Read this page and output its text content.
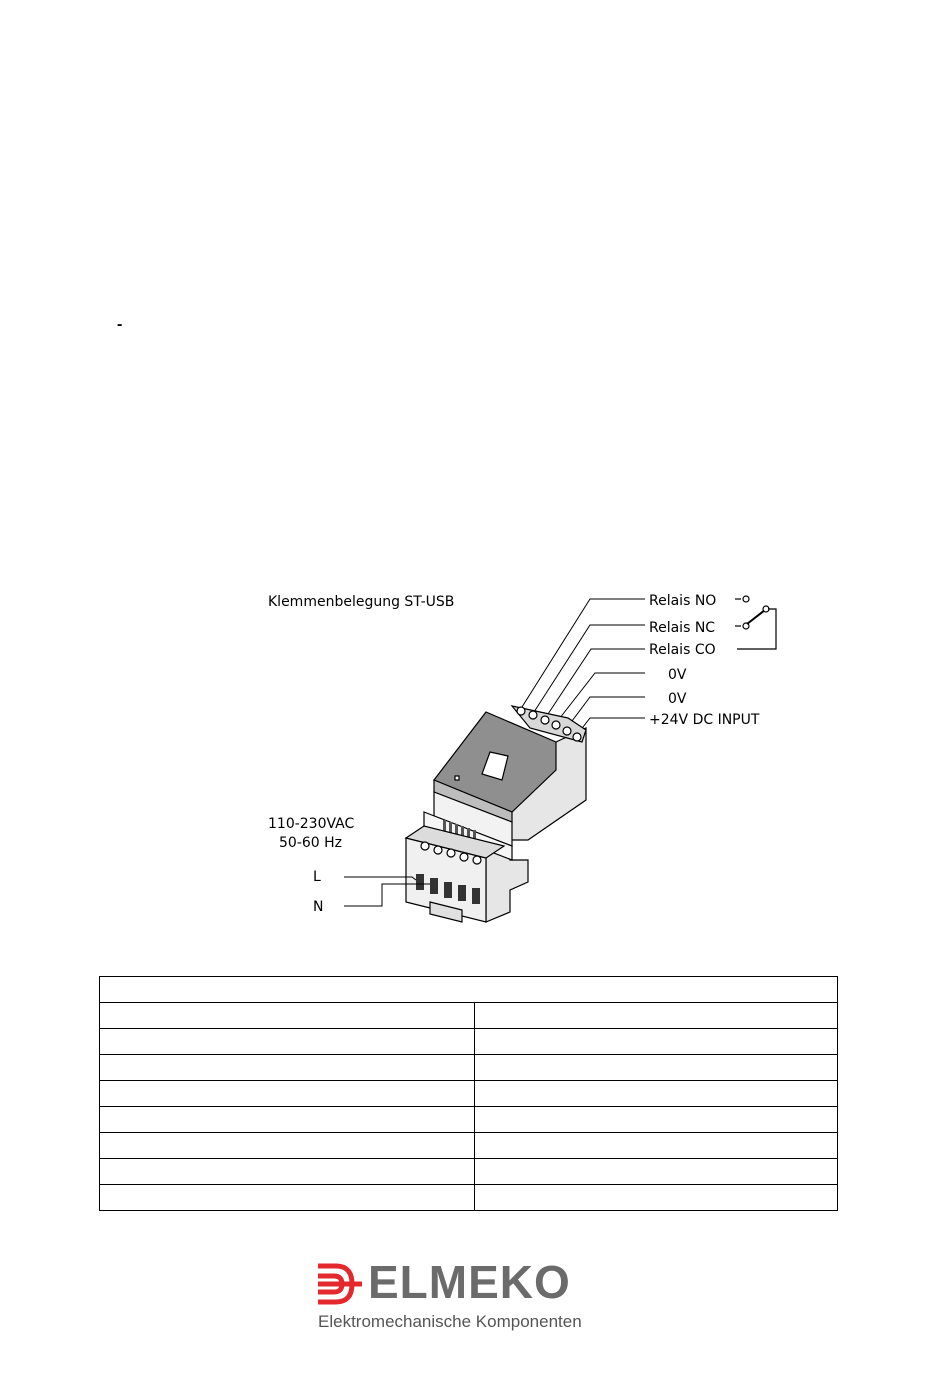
-
Klemmenbelegung ST-USB	Relais NO
Relais NC
Relais CO
0V
0V
+24V DC INPUT
110-230VAC
50-60 Hz
L
N

ELMEKO
Elektromechanische Komponenten
